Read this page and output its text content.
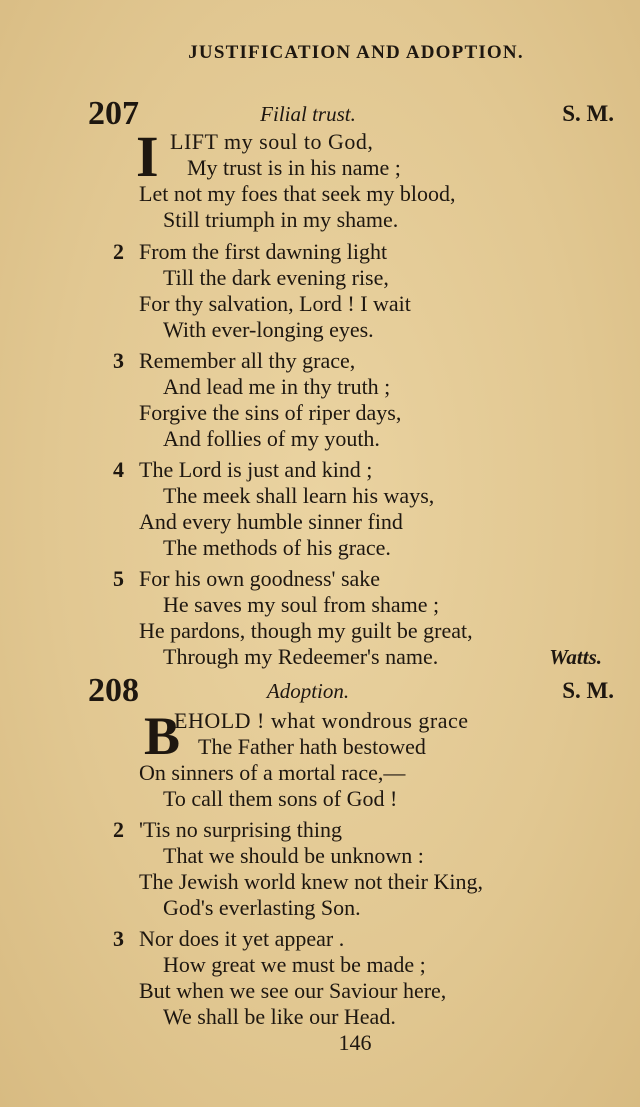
JUSTIFICATION AND ADOPTION.
207	Filial trust.	S. M.
I LIFT my soul to God,
My trust is in his name ;
Let not my foes that seek my blood,
Still triumph in my shame.
2 From the first dawning light
Till the dark evening rise,
For thy salvation, Lord ! I wait
With ever-longing eyes.
3 Remember all thy grace,
And lead me in thy truth ;
Forgive the sins of riper days,
And follies of my youth.
4 The Lord is just and kind ;
The meek shall learn his ways,
And every humble sinner find
The methods of his grace.
5 For his own goodness' sake
He saves my soul from shame ;
He pardons, though my guilt be great,
Through my Redeemer's name.	Watts.
208	Adoption.	S. M.
B
EHOLD ! what wondrous grace
The Father hath bestowed
On sinners of a mortal race,—
To call them sons of God !
2 'Tis no surprising thing
That we should be unknown :
The Jewish world knew not their King,
God's everlasting Son.
3 Nor does it yet appear .
How great we must be made ;
But when we see our Saviour here,
We shall be like our Head.
146
